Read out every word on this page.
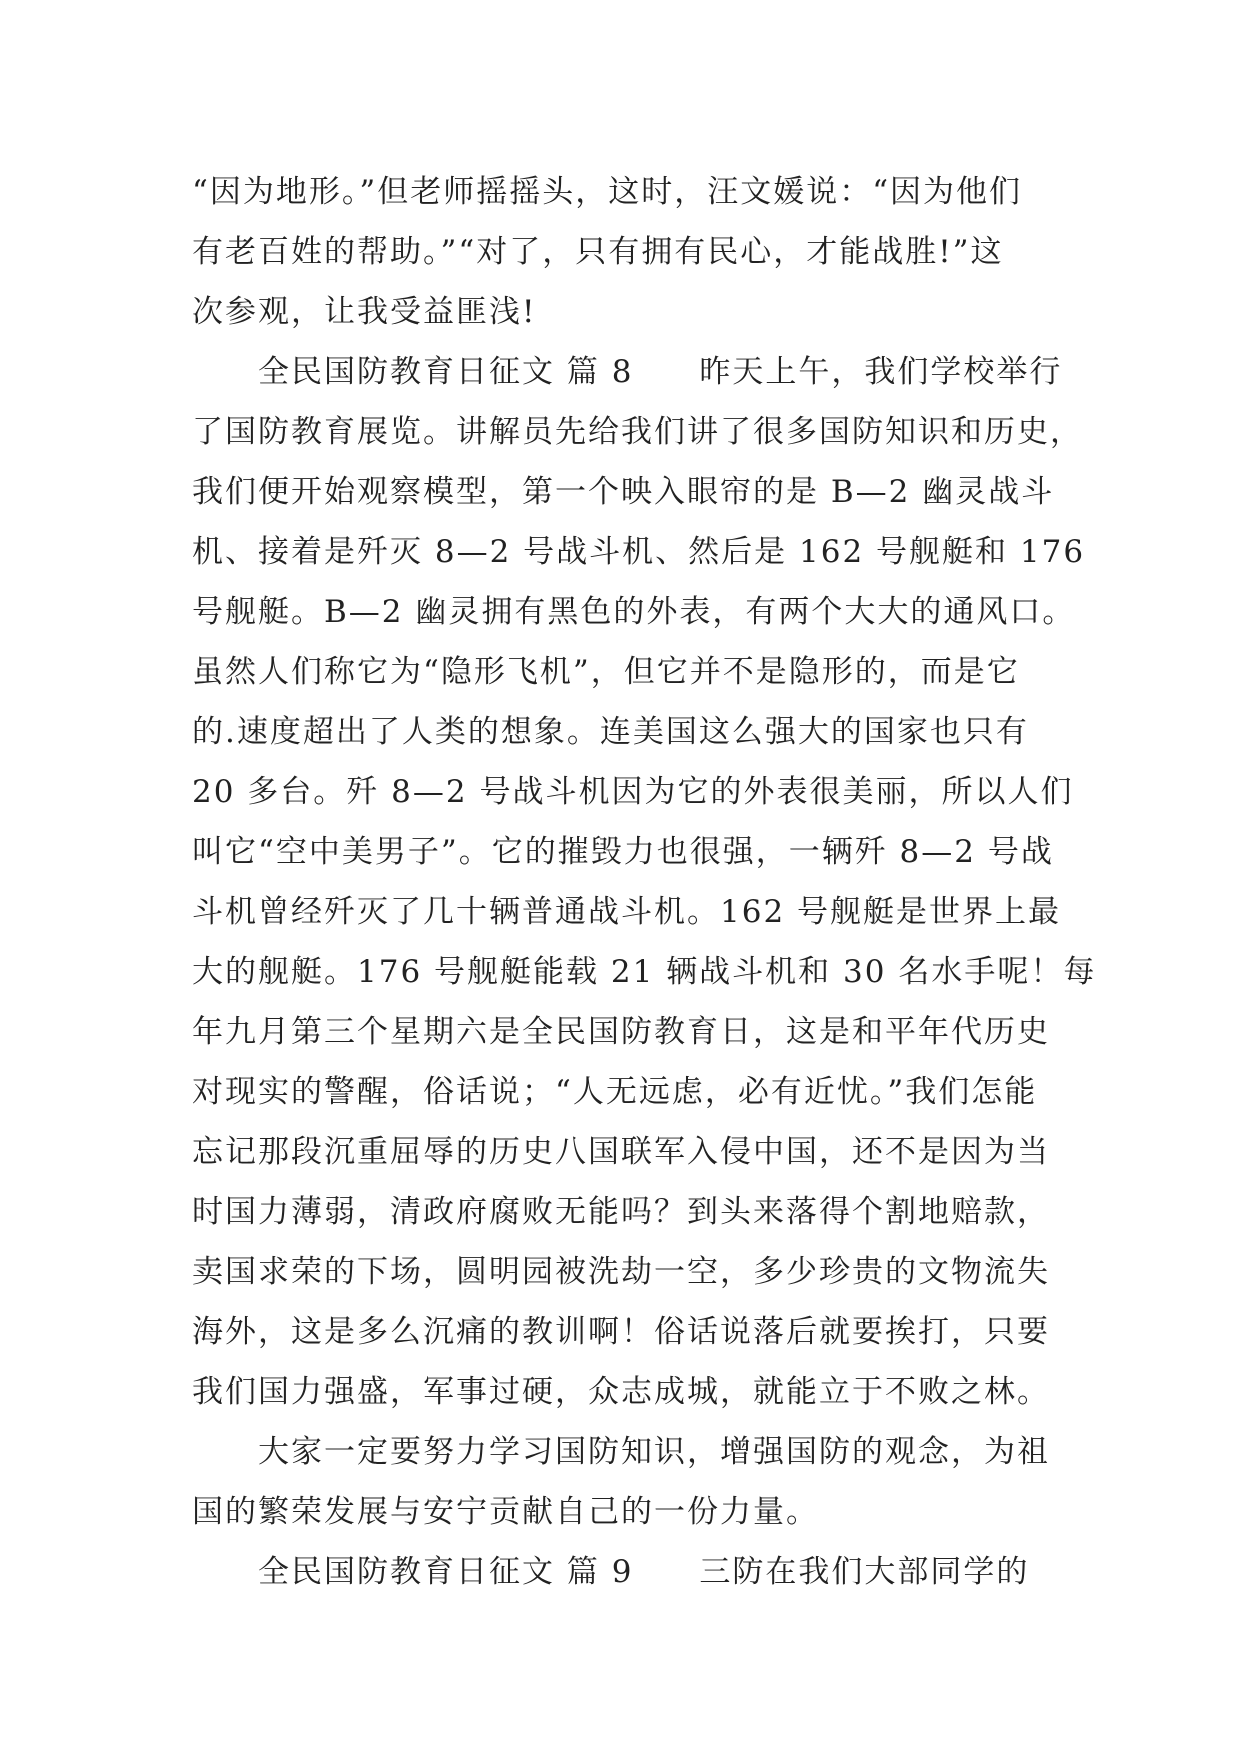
“因为地形。”但老师摇摇头，这时，汪文媛说：“因为他们
有老百姓的帮助。”“对了，只有拥有民心，才能战胜!”这
次参观，让我受益匪浅!
全民国防教育日征文 篇 8　　昨天上午，我们学校举行
了国防教育展览。讲解员先给我们讲了很多国防知识和历史，
我们便开始观察模型，第一个映入眼帘的是 B—2 幽灵战斗
机、接着是歼灭 8—2 号战斗机、然后是 162 号舰艇和 176
号舰艇。B—2 幽灵拥有黑色的外表，有两个大大的通风口。
虽然人们称它为“隐形飞机”，但它并不是隐形的，而是它
的.速度超出了人类的想象。连美国这么强大的国家也只有
20 多台。歼 8—2 号战斗机因为它的外表很美丽，所以人们
叫它“空中美男子”。它的摧毁力也很强，一辆歼 8—2 号战
斗机曾经歼灭了几十辆普通战斗机。162 号舰艇是世界上最
大的舰艇。176 号舰艇能载 21 辆战斗机和 30 名水手呢！每
年九月第三个星期六是全民国防教育日，这是和平年代历史
对现实的警醒，俗话说；“人无远虑，必有近忧。”我们怎能
忘记那段沉重屈辱的历史八国联军入侵中国，还不是因为当
时国力薄弱，清政府腐败无能吗？到头来落得个割地赔款，
卖国求荣的下场，圆明园被洗劫一空，多少珍贵的文物流失
海外，这是多么沉痛的教训啊！俗话说落后就要挨打，只要
我们国力强盛，军事过硬，众志成城，就能立于不败之林。
大家一定要努力学习国防知识，增强国防的观念，为祖
国的繁荣发展与安宁贡献自己的一份力量。
全民国防教育日征文 篇 9　　三防在我们大部同学的
